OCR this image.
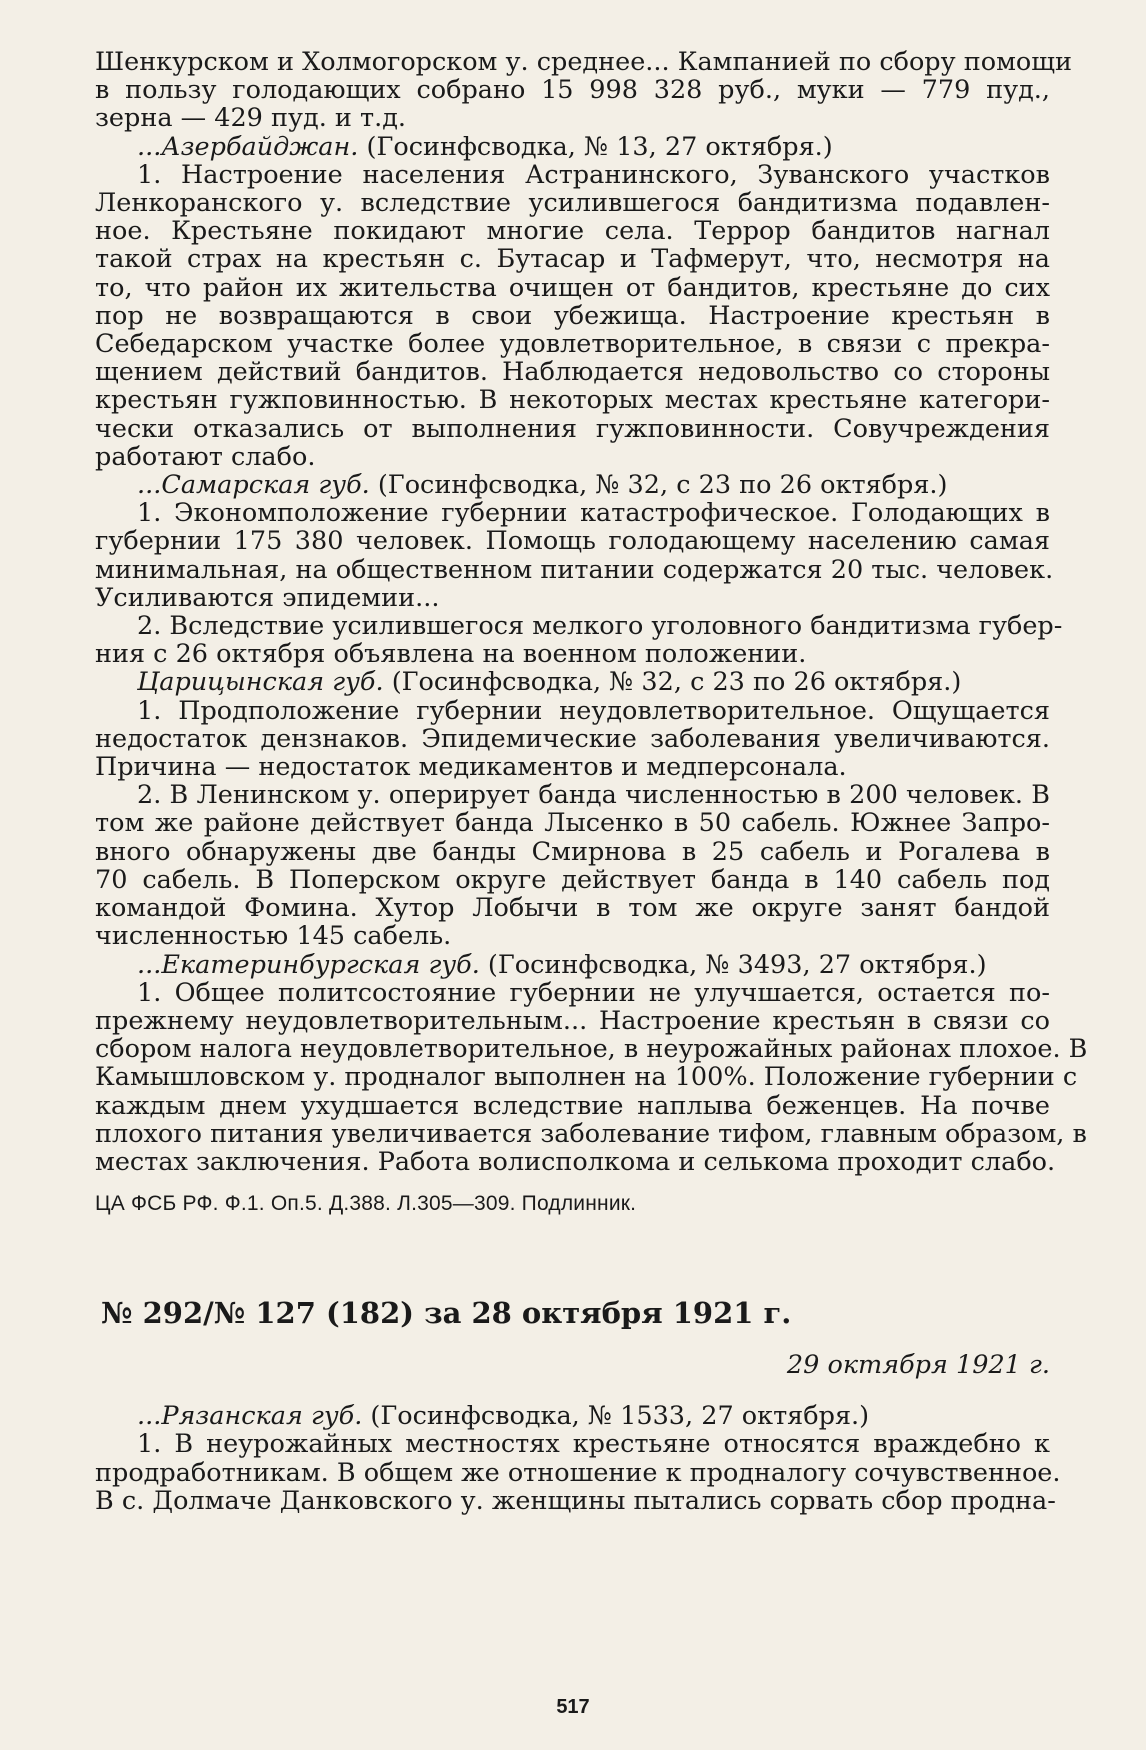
Шенкурском и Холмогорском у. среднее... Кампанией по сбору помощи
в пользу голодающих собрано 15 998 328 руб., муки — 779 пуд.,
зерна — 429 пуд. и т.д.
...Азербайджан. (Госинфсводка, № 13, 27 октября.)
1. Настроение населения Астранинского, Зуванского участков
Ленкоранского у. вследствие усилившегося бандитизма подавлен-
ное. Крестьяне покидают многие села. Террор бандитов нагнал
такой страх на крестьян с. Бутасар и Тафмерут, что, несмотря на
то, что район их жительства очищен от бандитов, крестьяне до сих
пор не возвращаются в свои убежища. Настроение крестьян в
Себедарском участке более удовлетворительное, в связи с прекра-
щением действий бандитов. Наблюдается недовольство со стороны
крестьян гужповинностью. В некоторых местах крестьяне категори-
чески отказались от выполнения гужповинности. Совучреждения
работают слабо.
...Самарская губ. (Госинфсводка, № 32, с 23 по 26 октября.)
1. Экономположение губернии катастрофическое. Голодающих в
губернии 175 380 человек. Помощь голодающему населению самая
минимальная, на общественном питании содержатся 20 тыс. человек.
Усиливаются эпидемии...
2. Вследствие усилившегося мелкого уголовного бандитизма губер-
ния с 26 октября объявлена на военном положении.
Царицынская губ. (Госинфсводка, № 32, с 23 по 26 октября.)
1. Продположение губернии неудовлетворительное. Ощущается
недостаток дензнаков. Эпидемические заболевания увеличиваются.
Причина — недостаток медикаментов и медперсонала.
2. В Ленинском у. оперирует банда численностью в 200 человек. В
том же районе действует банда Лысенко в 50 сабель. Южнее Запро-
вного обнаружены две банды Смирнова в 25 сабель и Рогалева в
70 сабель. В Поперском округе действует банда в 140 сабель под
командой Фомина. Хутор Лобычи в том же округе занят бандой
численностью 145 сабель.
...Екатеринбургская губ. (Госинфсводка, № 3493, 27 октября.)
1. Общее политсостояние губернии не улучшается, остается по-
прежнему неудовлетворительным... Настроение крестьян в связи со
сбором налога неудовлетворительное, в неурожайных районах плохое. В
Камышловском у. продналог выполнен на 100%. Положение губернии с
каждым днем ухудшается вследствие наплыва беженцев. На почве
плохого питания увеличивается заболевание тифом, главным образом, в
местах заключения. Работа волисполкома и селькома проходит слабо.
ЦА ФСБ РФ. Ф.1. Оп.5. Д.388. Л.305—309. Подлинник.
№ 292/№ 127 (182) за 28 октября 1921 г.
29 октября 1921 г.
...Рязанская губ. (Госинфсводка, № 1533, 27 октября.)
1. В неурожайных местностях крестьяне относятся враждебно к
продработникам. В общем же отношение к продналогу сочувственное.
В с. Долмаче Данковского у. женщины пытались сорвать сбор продна-
517
